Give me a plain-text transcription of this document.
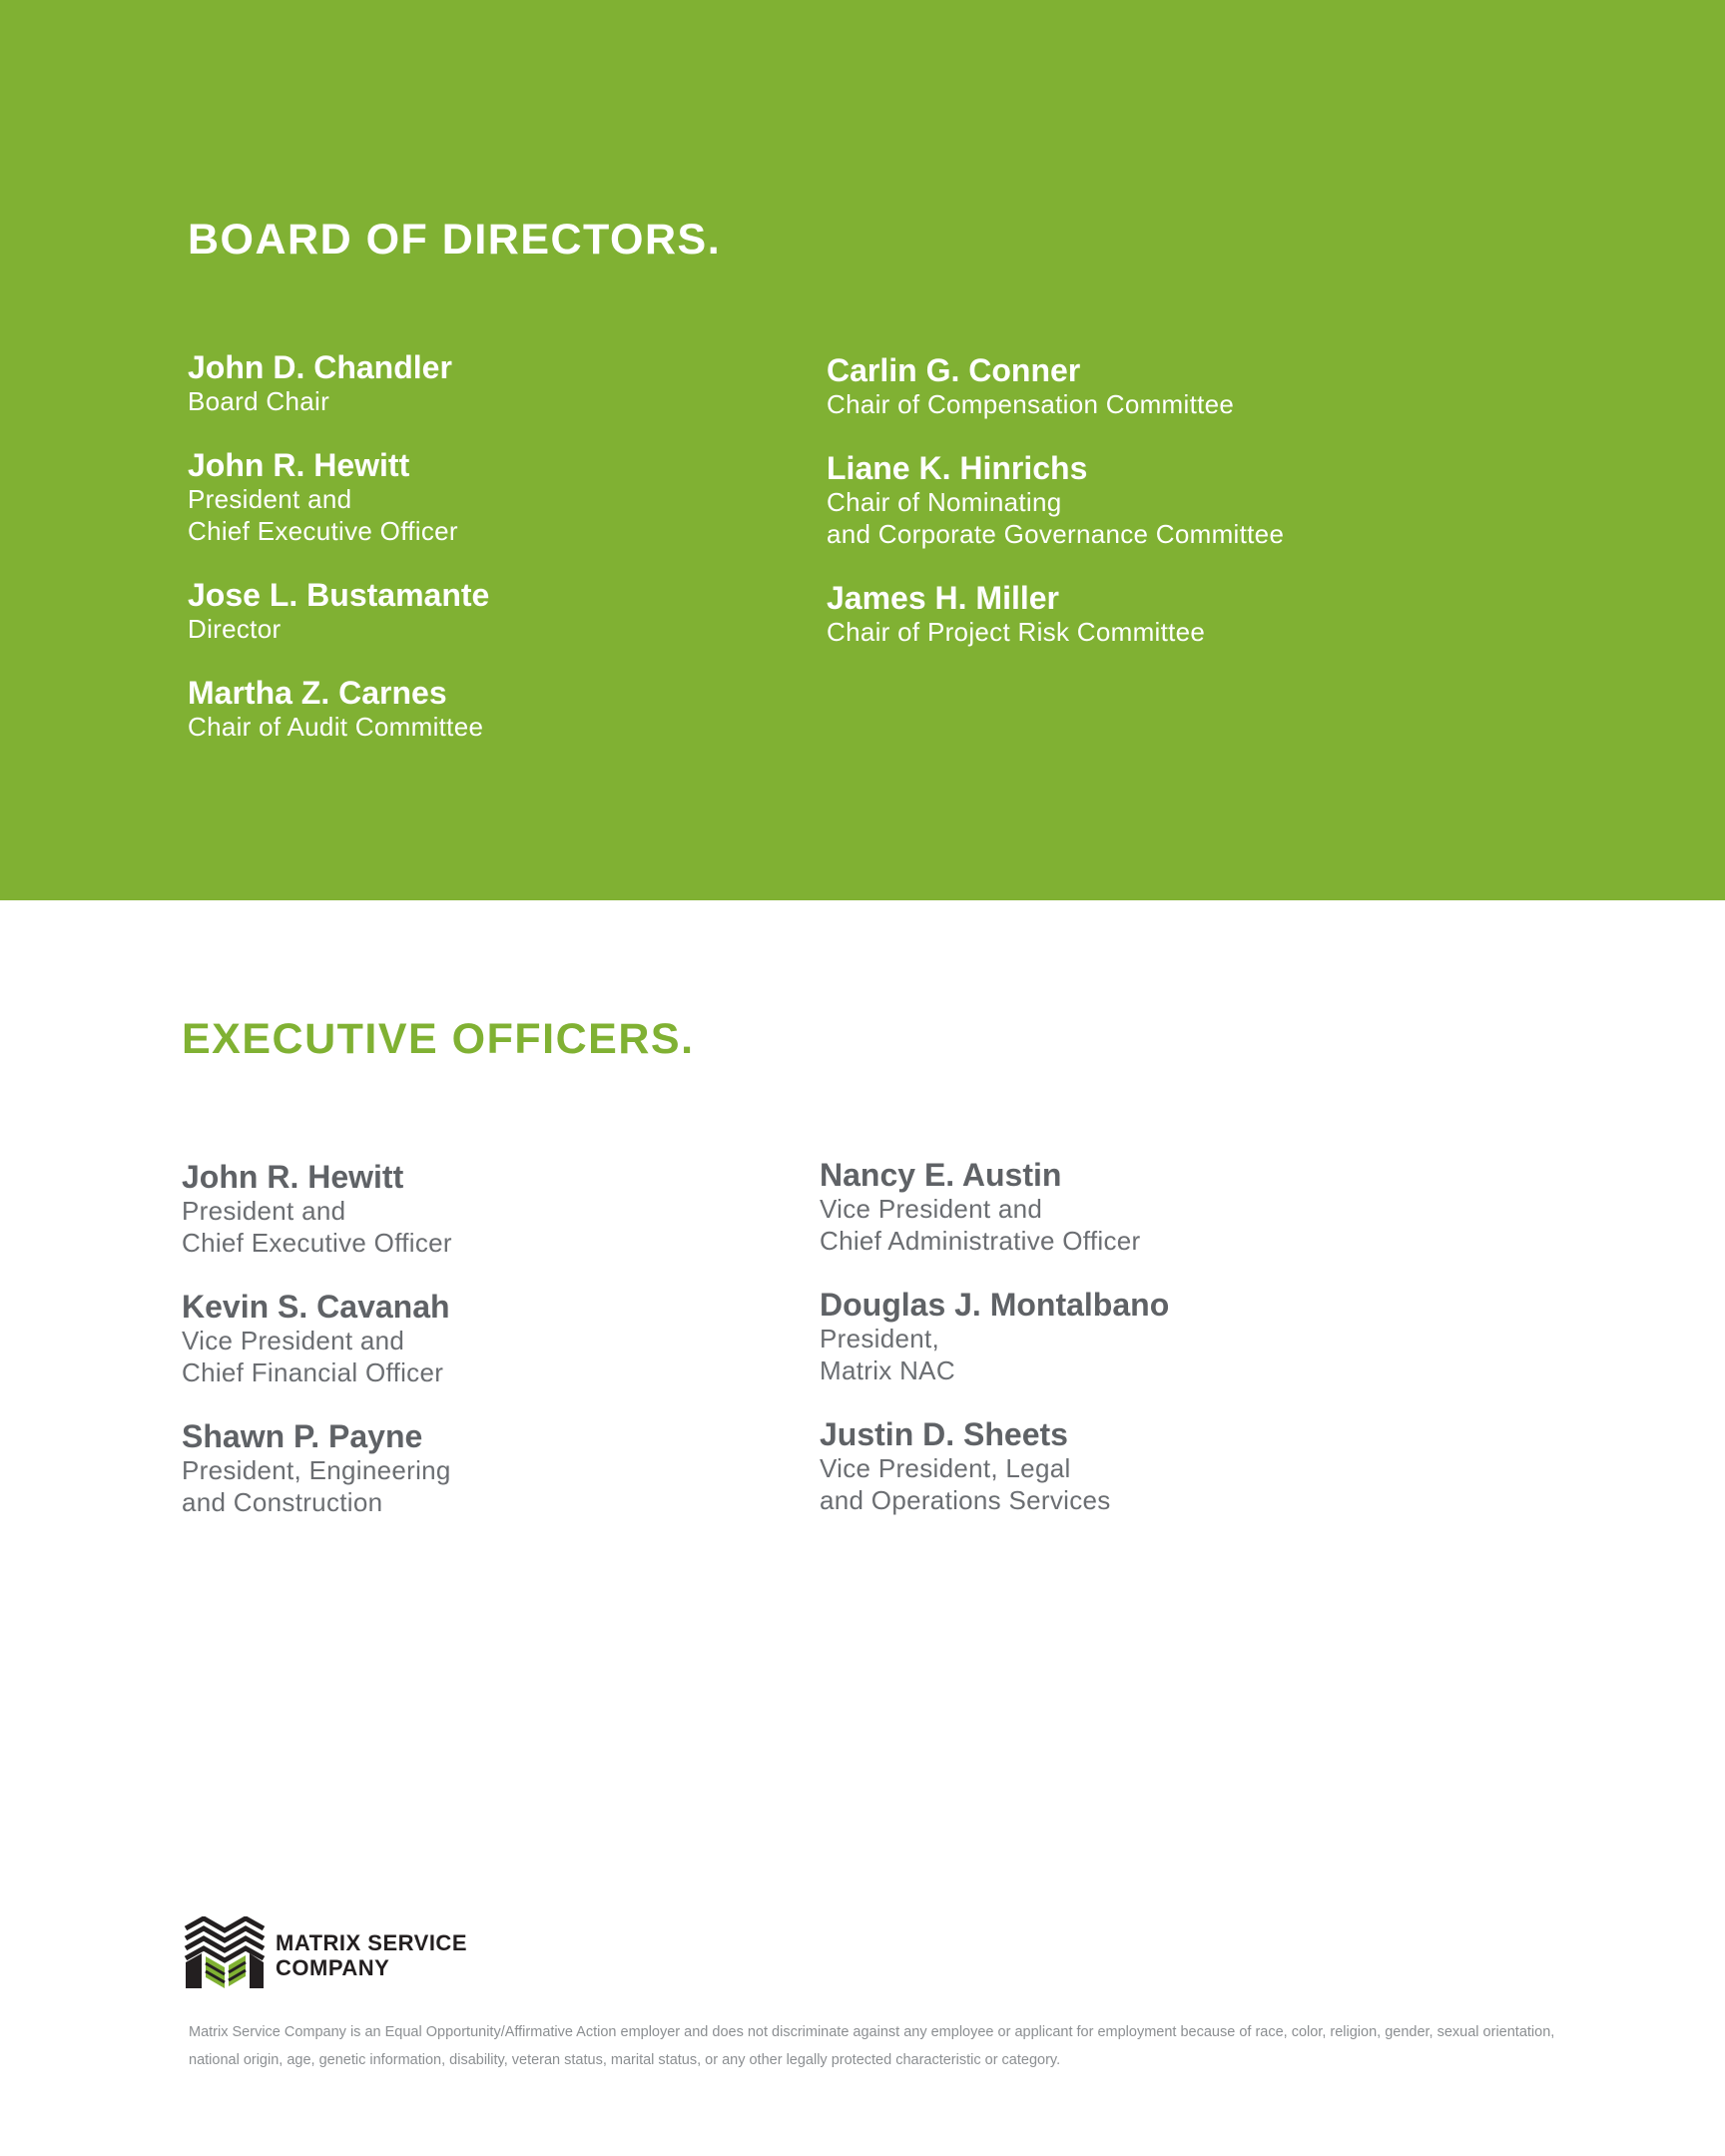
BOARD OF DIRECTORS.
John D. Chandler
Board Chair
John R. Hewitt
President and
Chief Executive Officer
Jose L. Bustamante
Director
Martha Z. Carnes
Chair of Audit Committee
Carlin G. Conner
Chair of Compensation Committee
Liane K. Hinrichs
Chair of Nominating
and Corporate Governance Committee
James H. Miller
Chair of Project Risk Committee
EXECUTIVE OFFICERS.
John R. Hewitt
President and
Chief Executive Officer
Kevin S. Cavanah
Vice President and
Chief Financial Officer
Shawn P. Payne
President, Engineering
and Construction
Nancy E. Austin
Vice President and
Chief Administrative Officer
Douglas J. Montalbano
President,
Matrix NAC
Justin D. Sheets
Vice President, Legal
and Operations Services
MATRIX SERVICE
COMPANY

Matrix Service Company is an Equal Opportunity/Affirmative Action employer and does not discriminate against any employee or applicant for employment because of race, color, religion, gender, sexual orientation, national origin, age, genetic information, disability, veteran status, marital status, or any other legally protected characteristic or category.
